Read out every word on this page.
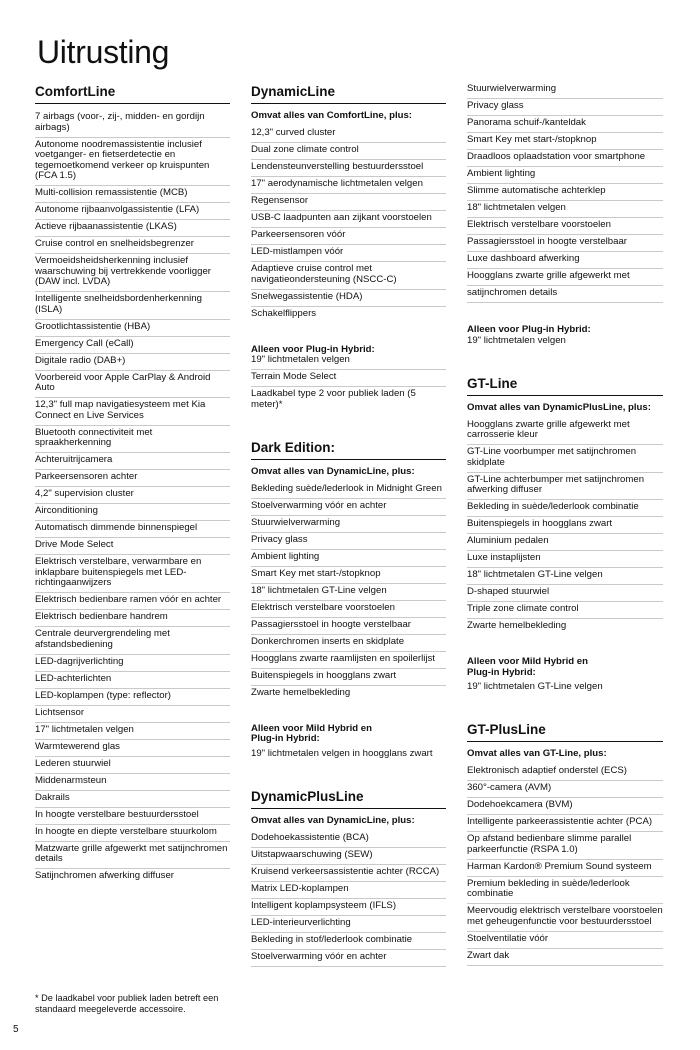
Uitrusting
ComfortLine
7 airbags (voor-, zij-, midden- en gordijn airbags)
Autonome noodremassistentie inclusief voetganger- en fietserdetectie en tegemoetkomend verkeer op kruispunten (FCA 1.5)
Multi-collision remassistentie (MCB)
Autonome rijbaanvolgassistentie (LFA)
Actieve rijbaanassistentie (LKAS)
Cruise control en snelheidsbegrenzer
Vermoeidsheidsherkenning inclusief waarschuwing bij vertrekkende voorligger (DAW incl. LVDA)
Intelligente snelheidsbordenherkenning (ISLA)
Grootlichtassistentie (HBA)
Emergency Call (eCall)
Digitale radio (DAB+)
Voorbereid voor Apple CarPlay & Android Auto
12,3" full map navigatiesysteem met Kia Connect en Live Services
Bluetooth connectiviteit met spraakherkenning
Achteruitrijcamera
Parkeersensoren achter
4,2" supervision cluster
Airconditioning
Automatisch dimmende binnenspiegel
Drive Mode Select
Elektrisch verstelbare, verwarmbare en inklapbare buitenspiegels met LED-richtingaanwijzers
Elektrisch bedienbare ramen vóór en achter
Elektrisch bedienbare handrem
Centrale deurvergrendeling met afstandsbediening
LED-dagrijverlichting
LED-achterlichten
LED-koplampen (type: reflector)
Lichtsensor
17" lichtmetalen velgen
Warmtewerend glas
Lederen stuurwiel
Middenarmsteun
Dakrails
In hoogte verstelbare bestuurdersstoel
In hoogte en diepte verstelbare stuurkolom
Matzwarte grille afgewerkt met satijnchromen details
Satijnchromen afwerking diffuser
DynamicLine
Omvat alles van ComfortLine, plus:
12,3" curved cluster
Dual zone climate control
Lendensteunverstelling bestuurdersstoel
17" aerodynamische lichtmetalen velgen
Regensensor
USB-C laadpunten aan zijkant voorstoelen
Parkeersensoren vóór
LED-mistlampen vóór
Adaptieve cruise control met navigatieondersteuning (NSCC-C)
Snelwegassistentie (HDA)
Schakelflippers
Alleen voor Plug-in Hybrid:
19" lichtmetalen velgen
Terrain Mode Select
Laadkabel type 2 voor publiek laden (5 meter)*
Dark Edition:
Omvat alles van DynamicLine, plus:
Bekleding suède/lederlook in Midnight Green
Stoelverwarming vóór en achter
Stuurwielverwarming
Privacy glass
Ambient lighting
Smart Key met start-/stopknop
18" lichtmetalen GT-Line velgen
Elektrisch verstelbare voorstoelen
Passagiersstoel in hoogte verstelbaar
Donkerchromen inserts en skidplate
Hoogglans zwarte raamlijsten en spoilerlijst
Buitenspiegels in hoogglans zwart
Zwarte hemelbekleding
Alleen voor Mild Hybrid en Plug-in Hybrid:
19" lichtmetalen velgen in hoogglans zwart
DynamicPlusLine
Omvat alles van DynamicLine, plus:
Dodehoekassistentie (BCA)
Uitstapwaarschuwing (SEW)
Kruisend verkeersassistentie achter (RCCA)
Matrix LED-koplampen
Intelligent koplampsysteem (IFLS)
LED-interieurverlichting
Bekleding in stof/lederlook combinatie
Stoelverwarming vóór en achter
Stuurwielverwarming
Privacy glass
Panorama schuif-/kanteldak
Smart Key met start-/stopknop
Draadloos oplaadstation voor smartphone
Ambient lighting
Slimme automatische achterklep
18" lichtmetalen velgen
Elektrisch verstelbare voorstoelen
Passagiersstoel in hoogte verstelbaar
Luxe dashboard afwerking
Hoogglans zwarte grille afgewerkt met
satijnchromen details
Alleen voor Plug-in Hybrid:
19" lichtmetalen velgen
GT-Line
Omvat alles van DynamicPlusLine, plus:
Hoogglans zwarte grille afgewerkt met carrosserie kleur
GT-Line voorbumper met satijnchromen skidplate
GT-Line achterbumper met satijnchromen afwerking diffuser
Bekleding in suède/lederlook combinatie
Buitenspiegels in hoogglans zwart
Aluminium pedalen
Luxe instaplijsten
18" lichtmetalen GT-Line velgen
D-shaped stuurwiel
Triple zone climate control
Zwarte hemelbekleding
Alleen voor Mild Hybrid en Plug-in Hybrid:
19" lichtmetalen GT-Line velgen
GT-PlusLine
Omvat alles van GT-Line, plus:
Elektronisch adaptief onderstel (ECS)
360°-camera (AVM)
Dodehoekcamera (BVM)
Intelligente parkeerassistentie achter (PCA)
Op afstand bedienbare slimme parallel parkeerfunctie (RSPA 1.0)
Harman Kardon® Premium Sound systeem
Premium bekleding in suède/lederlook combinatie
Meervoudig elektrisch verstelbare voorstoelen met geheugenfunctie voor bestuurdersstoel
Stoelventilatie vóór
Zwart dak
* De laadkabel voor publiek laden betreft een standaard meegeleverde accessoire.
5
